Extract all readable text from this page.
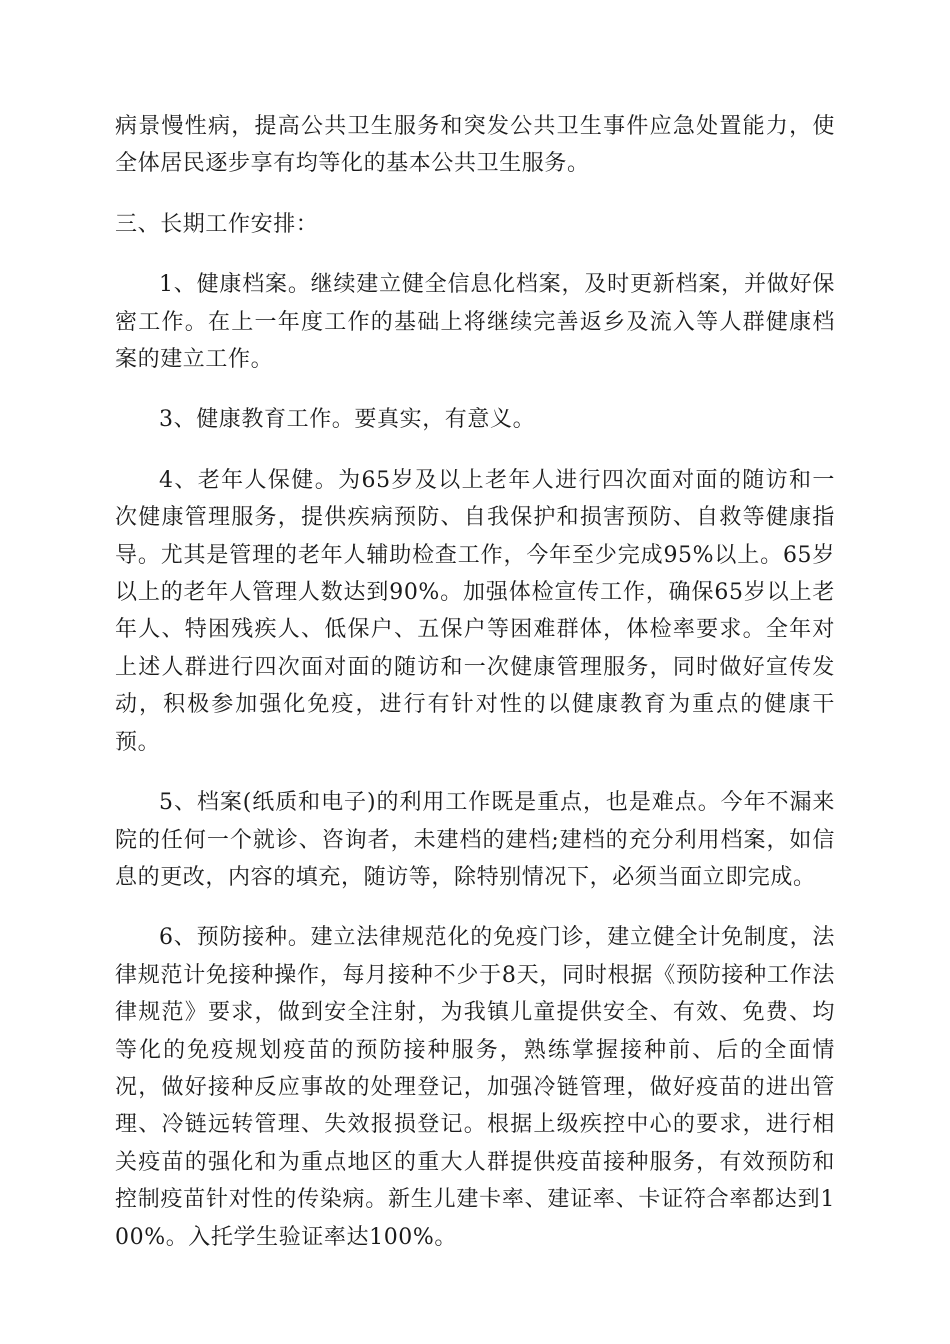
病景慢性病，提高公共卫生服务和突发公共卫生事件应急处置能力，使全体居民逐步享有均等化的基本公共卫生服务。

三、长期工作安排：

1、健康档案。继续建立健全信息化档案，及时更新档案，并做好保密工作。在上一年度工作的基础上将继续完善返乡及流入等人群健康档案的建立工作。

3、健康教育工作。要真实，有意义。

4、老年人保健。为65岁及以上老年人进行四次面对面的随访和一次健康管理服务，提供疾病预防、自我保护和损害预防、自救等健康指导。尤其是管理的老年人辅助检查工作，今年至少完成95%以上。65岁以上的老年人管理人数达到90%。加强体检宣传工作，确保65岁以上老年人、特困残疾人、低保户、五保户等困难群体，体检率要求。全年对上述人群进行四次面对面的随访和一次健康管理服务，同时做好宣传发动，积极参加强化免疫，进行有针对性的以健康教育为重点的健康干预。

5、档案(纸质和电子)的利用工作既是重点，也是难点。今年不漏来院的任何一个就诊、咨询者，未建档的建档;建档的充分利用档案，如信息的更改，内容的填充，随访等，除特别情况下，必须当面立即完成。

6、预防接种。建立法律规范化的免疫门诊，建立健全计免制度，法律规范计免接种操作，每月接种不少于8天，同时根据《预防接种工作法律规范》要求，做到安全注射，为我镇儿童提供安全、有效、免费、均等化的免疫规划疫苗的预防接种服务，熟练掌握接种前、后的全面情况，做好接种反应事故的处理登记，加强冷链管理，做好疫苗的进出管理、冷链远转管理、失效报损登记。根据上级疾控中心的要求，进行相关疫苗的强化和为重点地区的重大人群提供疫苗接种服务，有效预防和控制疫苗针对性的传染病。新生儿建卡率、建证率、卡证符合率都达到100%。入托学生验证率达100%。
